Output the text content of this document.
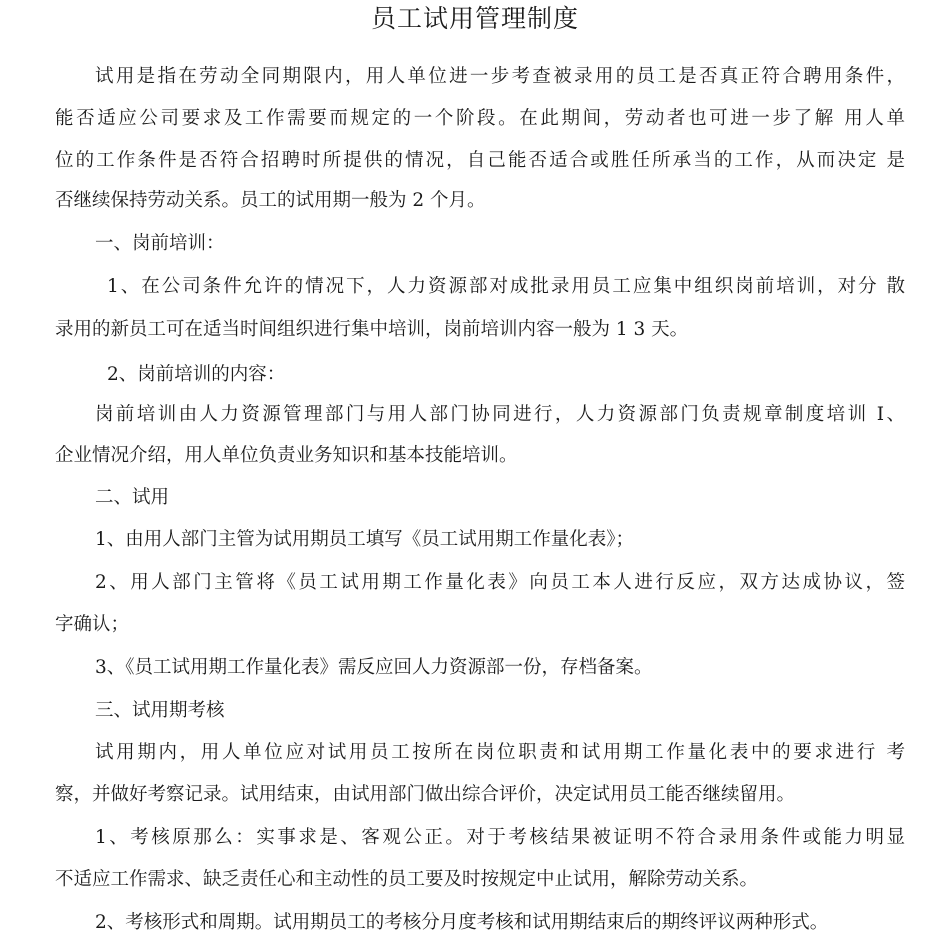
员工试用管理制度
试用是指在劳动全同期限内，用人单位进一步考查被录用的员工是否真正符合聘用条件，
能否适应公司要求及工作需要而规定的一个阶段。在此期间，劳动者也可进一步了解 用人单
位的工作条件是否符合招聘时所提供的情况，自己能否适合或胜任所承当的工作，从而决定 是
否继续保持劳动关系。员工的试用期一般为 2 个月。
一、岗前培训：
1、在公司条件允许的情况下，人力资源部对成批录用员工应集中组织岗前培训，对分 散
录用的新员工可在适当时间组织进行集中培训，岗前培训内容一般为 1 3 天。
2、岗前培训的内容：
岗前培训由人力资源管理部门与用人部门协同进行，人力资源部门负责规章制度培训 I、
企业情况介绍，用人单位负责业务知识和基本技能培训。
二、试用
1、由用人部门主管为试用期员工填写《员工试用期工作量化表》；
2、用人部门主管将《员工试用期工作量化表》向员工本人进行反应，双方达成协议，签
字确认；
3、《员工试用期工作量化表》需反应回人力资源部一份，存档备案。
三、试用期考核
试用期内，用人单位应对试用员工按所在岗位职责和试用期工作量化表中的要求进行 考
察，并做好考察记录。试用结束，由试用部门做出综合评价，决定试用员工能否继续留用。
1、考核原那么：实事求是、客观公正。对于考核结果被证明不符合录用条件或能力明显
不适应工作需求、缺乏责任心和主动性的员工要及时按规定中止试用，解除劳动关系。
2、考核形式和周期。试用期员工的考核分月度考核和试用期结束后的期终评议两种形式。
